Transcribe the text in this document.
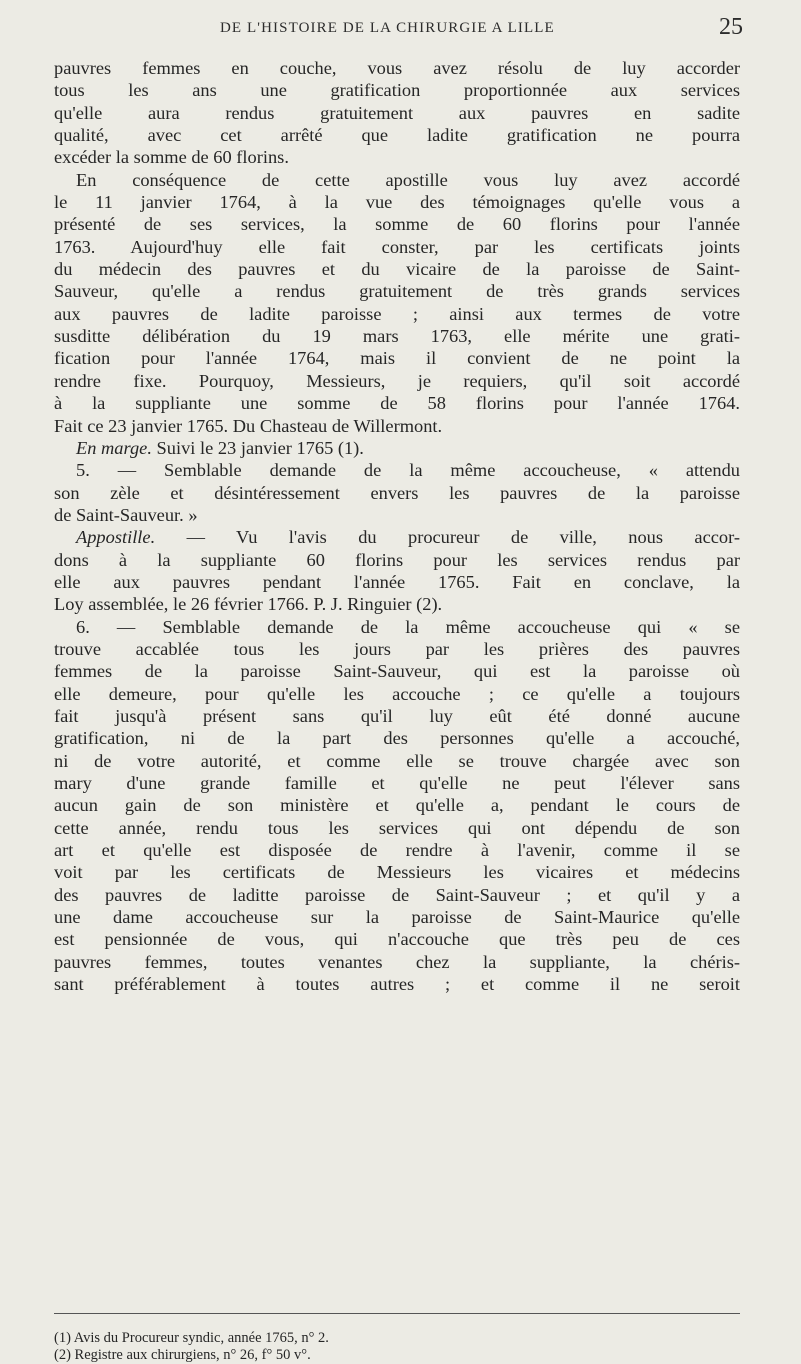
DE L'HISTOIRE DE LA CHIRURGIE A LILLE	25
pauvres femmes en couche, vous avez résolu de luy accorder
tous les ans une gratification proportionnée aux services
qu'elle aura rendus gratuitement aux pauvres en sadite
qualité, avec cet arrêté que ladite gratification ne pourra
excéder la somme de 60 florins.
En conséquence de cette apostille vous luy avez accordé
le 11 janvier 1764, à la vue des témoignages qu'elle vous a
présenté de ses services, la somme de 60 florins pour l'année
1763. Aujourd'huy elle fait conster, par les certificats joints
du médecin des pauvres et du vicaire de la paroisse de Saint-
Sauveur, qu'elle a rendus gratuitement de très grands services
aux pauvres de ladite paroisse ; ainsi aux termes de votre
susditte délibération du 19 mars 1763, elle mérite une grati-
fication pour l'année 1764, mais il convient de ne point la
rendre fixe. Pourquoy, Messieurs, je requiers, qu'il soit accordé
à la suppliante une somme de 58 florins pour l'année 1764.
Fait ce 23 janvier 1765. Du Chasteau de Willermont.
En marge. Suivi le 23 janvier 1765 (1).
5. — Semblable demande de la même accoucheuse, « attendu
son zèle et désintéressement envers les pauvres de la paroisse
de Saint-Sauveur. »
Appostille. — Vu l'avis du procureur de ville, nous accor-
dons à la suppliante 60 florins pour les services rendus par
elle aux pauvres pendant l'année 1765. Fait en conclave, la
Loy assemblée, le 26 février 1766. P. J. Ringuier (2).
6. — Semblable demande de la même accoucheuse qui « se
trouve accablée tous les jours par les prières des pauvres
femmes de la paroisse Saint-Sauveur, qui est la paroisse où
elle demeure, pour qu'elle les accouche ; ce qu'elle a toujours
fait jusqu'à présent sans qu'il luy eût été donné aucune
gratification, ni de la part des personnes qu'elle a accouché,
ni de votre autorité, et comme elle se trouve chargée avec son
mary d'une grande famille et qu'elle ne peut l'élever sans
aucun gain de son ministère et qu'elle a, pendant le cours de
cette année, rendu tous les services qui ont dépendu de son
art et qu'elle est disposée de rendre à l'avenir, comme il se
voit par les certificats de Messieurs les vicaires et médecins
des pauvres de laditte paroisse de Saint-Sauveur ; et qu'il y a
une dame accoucheuse sur la paroisse de Saint-Maurice qu'elle
est pensionnée de vous, qui n'accouche que très peu de ces
pauvres femmes, toutes venantes chez la suppliante, la chéris-
sant préférablement à toutes autres ; et comme il ne seroit
(1) Avis du Procureur syndic, année 1765, n° 2.
(2) Registre aux chirurgiens, n° 26, f° 50 v°.
